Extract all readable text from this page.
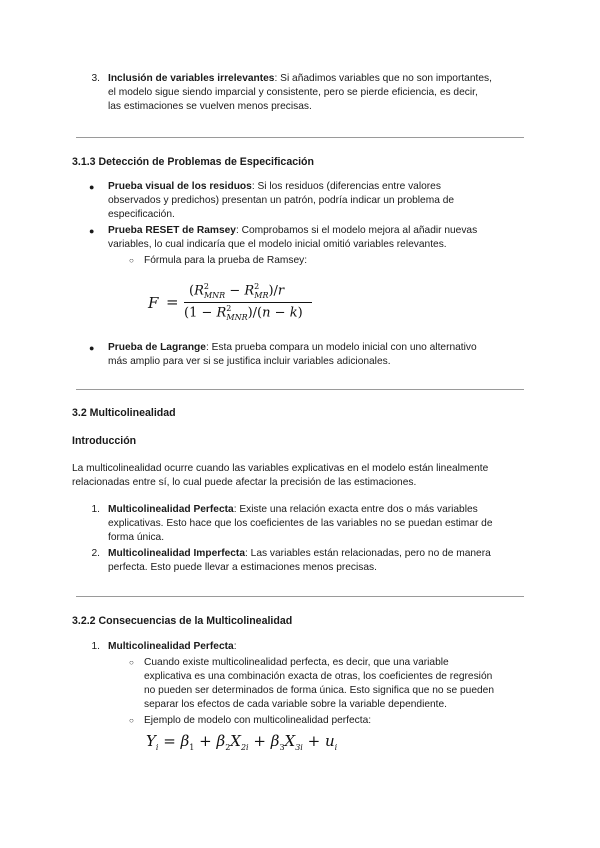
3. Inclusión de variables irrelevantes: Si añadimos variables que no son importantes,
el modelo sigue siendo imparcial y consistente, pero se pierde eficiencia, es decir,
las estimaciones se vuelven menos precisas.
3.1.3 Detección de Problemas de Especificación
● Prueba visual de los residuos: Si los residuos (diferencias entre valores
observados y predichos) presentan un patrón, podría indicar un problema de
especificación.
● Prueba RESET de Ramsey: Comprobamos si el modelo mejora al añadir nuevas
variables, lo cual indicaría que el modelo inicial omitió variables relevantes.
○ Fórmula para la prueba de Ramsey:
F =
$(R^2_{MNR} - R^2_{MR})/r$
$(1 - R^2_{MNR})/(n - k)$
● Prueba de Lagrange: Esta prueba compara un modelo inicial con uno alternativo
más amplio para ver si se justifica incluir variables adicionales.
3.2 Multicolinealidad
Introducción
La multicolinealidad ocurre cuando las variables explicativas en el modelo están linealmente
relacionadas entre sí, lo cual puede afectar la precisión de las estimaciones.
1. Multicolinealidad Perfecta: Existe una relación exacta entre dos o más variables
explicativas. Esto hace que los coeficientes de las variables no se puedan estimar de
forma única.
2. Multicolinealidad Imperfecta: Las variables están relacionadas, pero no de manera
perfecta. Esto puede llevar a estimaciones menos precisas.
3.2.2 Consecuencias de la Multicolinealidad
1. Multicolinealidad Perfecta:
○ Cuando existe multicolinealidad perfecta, es decir, que una variable
explicativa es una combinación exacta de otras, los coeficientes de regresión
no pueden ser determinados de forma única. Esto significa que no se pueden
separar los efectos de cada variable sobre la variable dependiente.
○ Ejemplo de modelo con multicolinealidad perfecta:
$Y_i = \beta_1 + \beta_2X_{2i} + \beta_3X_{3i} + u_i$
